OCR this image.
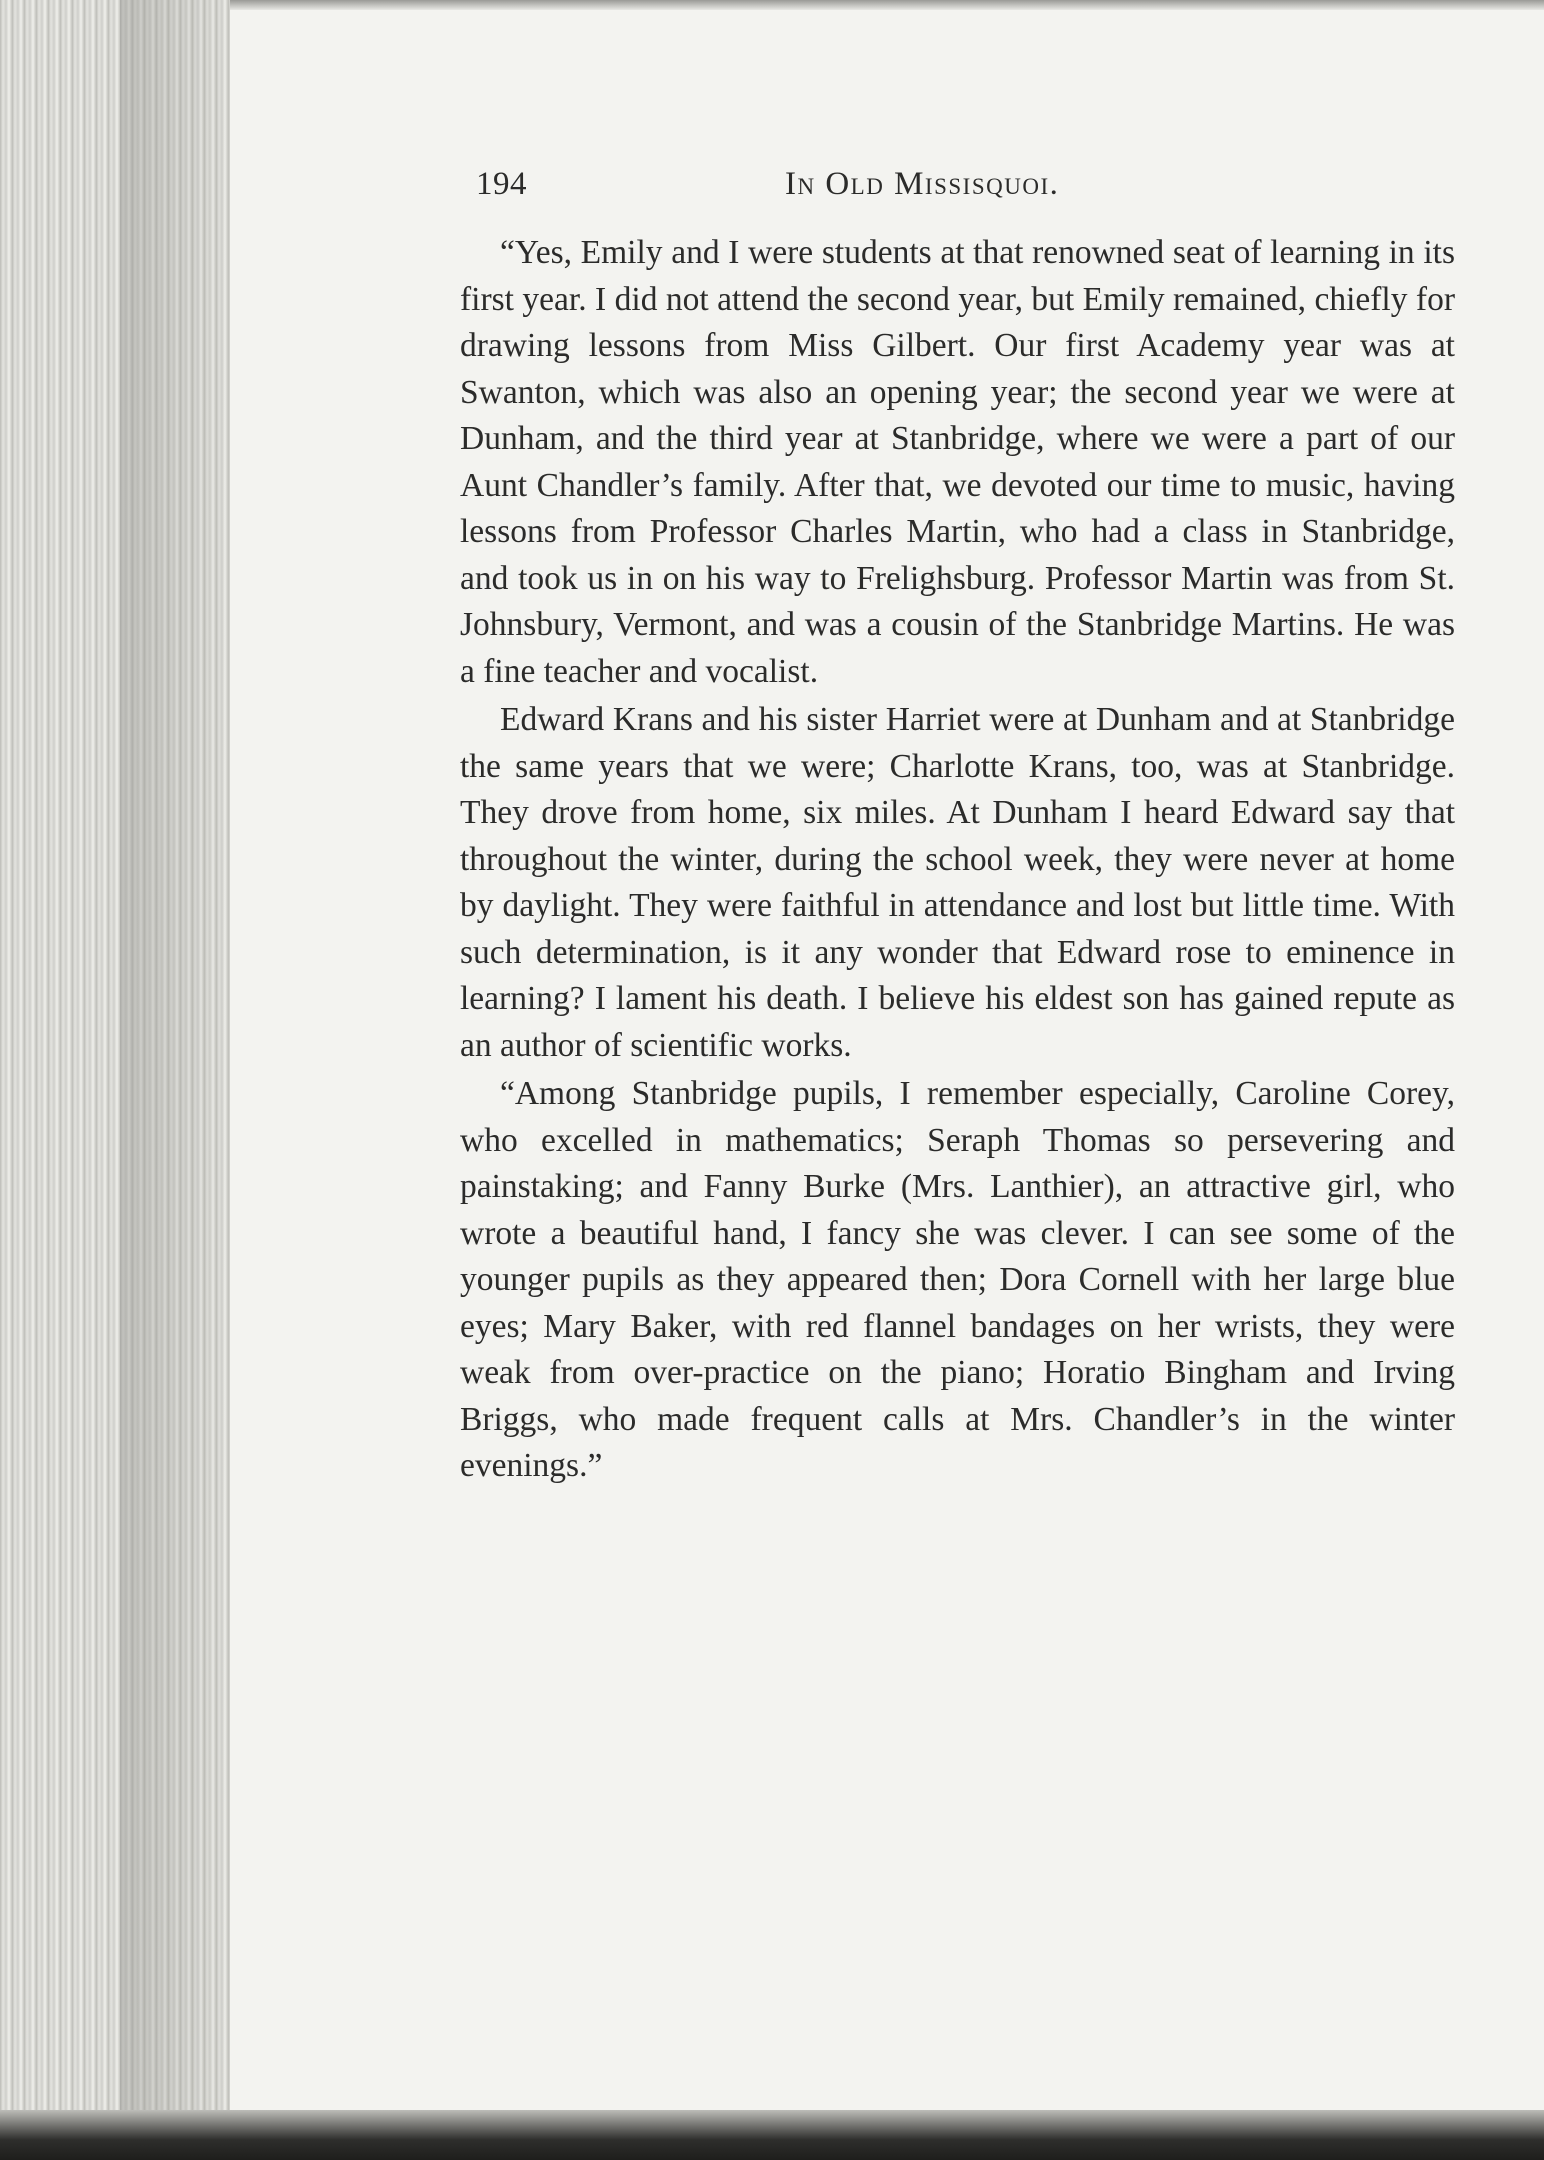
194	In Old Missisquoi.

“Yes, Emily and I were students at that renowned seat of learning in its first year. I did not attend the second year, but Emily remained, chiefly for drawing lessons from Miss Gilbert. Our first Academy year was at Swanton, which was also an opening year; the second year we were at Dunham, and the third year at Stanbridge, where we were a part of our Aunt Chandler’s family. After that, we devoted our time to music, having lessons from Professor Charles Martin, who had a class in Stanbridge, and took us in on his way to Frelighsburg. Professor Martin was from St. Johnsbury, Vermont, and was a cousin of the Stanbridge Martins. He was a fine teacher and vocalist.

Edward Krans and his sister Harriet were at Dunham and at Stanbridge the same years that we were; Charlotte Krans, too, was at Stanbridge. They drove from home, six miles. At Dunham I heard Edward say that throughout the winter, during the school week, they were never at home by daylight. They were faithful in attendance and lost but little time. With such determination, is it any wonder that Edward rose to eminence in learning? I lament his death. I believe his eldest son has gained repute as an author of scientific works.

“Among Stanbridge pupils, I remember especially, Caroline Corey, who excelled in mathematics; Seraph Thomas so persevering and painstaking; and Fanny Burke (Mrs. Lanthier), an attractive girl, who wrote a beautiful hand, I fancy she was clever. I can see some of the younger pupils as they appeared then; Dora Cornell with her large blue eyes; Mary Baker, with red flannel bandages on her wrists, they were weak from over-practice on the piano; Horatio Bingham and Irving Briggs, who made frequent calls at Mrs. Chandler’s in the winter evenings.”
